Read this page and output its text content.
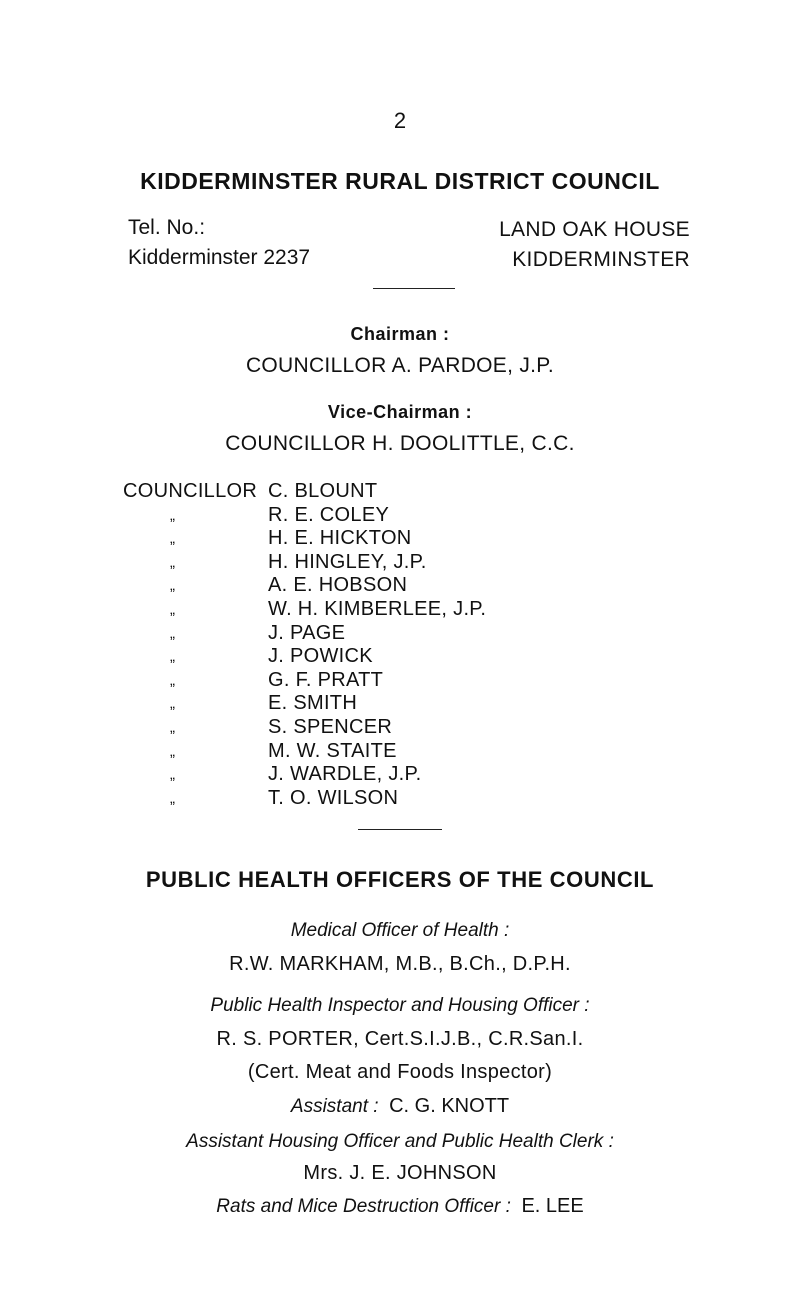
2
KIDDERMINSTER RURAL DISTRICT COUNCIL
Tel. No.:
Kidderminster 2237
LAND OAK HOUSE
KIDDERMINSTER
Chairman :
COUNCILLOR A. PARDOE, J.P.
Vice-Chairman :
COUNCILLOR H. DOOLITTLE, C.C.
COUNCILLOR C. BLOUNT
„	R. E. COLEY
„	H. E. HICKTON
„	H. HINGLEY, J.P.
„	A. E. HOBSON
„	W. H. KIMBERLEE, J.P.
„	J. PAGE
„	J. POWICK
„	G. F. PRATT
„	E. SMITH
„	S. SPENCER
„	M. W. STAITE
„	J. WARDLE, J.P.
„	T. O. WILSON
PUBLIC HEALTH OFFICERS OF THE COUNCIL
Medical Officer of Health :
R.W. MARKHAM, M.B., B.Ch., D.P.H.
Public Health Inspector and Housing Officer :
R. S. PORTER, Cert.S.I.J.B., C.R.San.I.
(Cert. Meat and Foods Inspector)
Assistant : C. G. KNOTT
Assistant Housing Officer and Public Health Clerk :
Mrs. J. E. JOHNSON
Rats and Mice Destruction Officer : E. LEE
